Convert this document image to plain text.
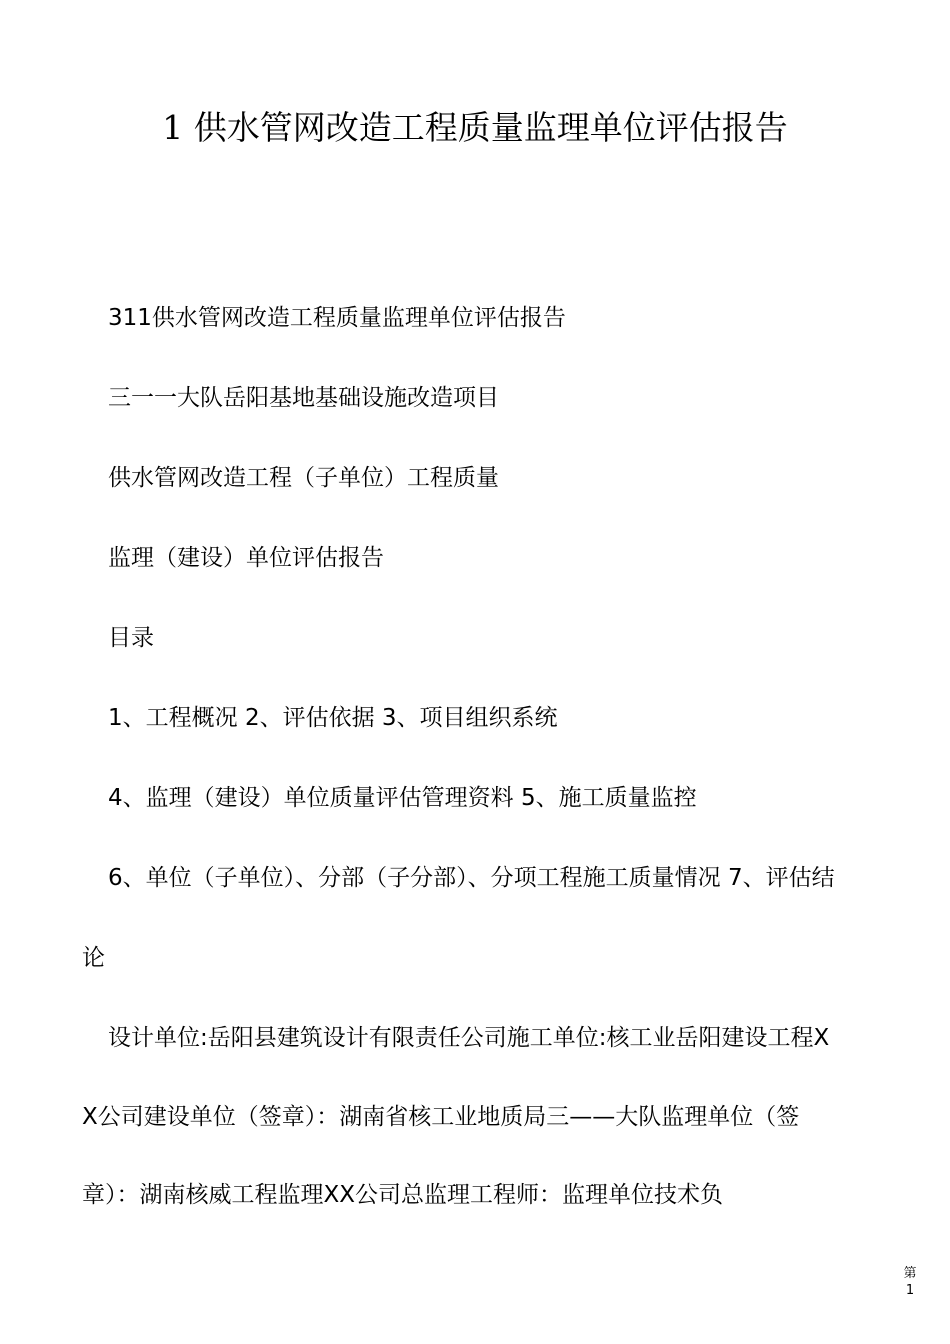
1 供水管网改造工程质量监理单位评估报告
311供水管网改造工程质量监理单位评估报告
三一一大队岳阳基地基础设施改造项目
供水管网改造工程（子单位）工程质量
监理（建设）单位评估报告
目录
1、工程概况 2、评估依据 3、项目组织系统
4、监理（建设）单位质量评估管理资料 5、施工质量监控
6、单位（子单位）、分部（子分部）、分项工程施工质量情况 7、评估结
论
设计单位:岳阳县建筑设计有限责任公司施工单位:核工业岳阳建设工程X
X公司建设单位（签章）：湖南省核工业地质局三——大队监理单位（签
章）：湖南核威工程监理XX公司总监理工程师：监理单位技术负
第
1
